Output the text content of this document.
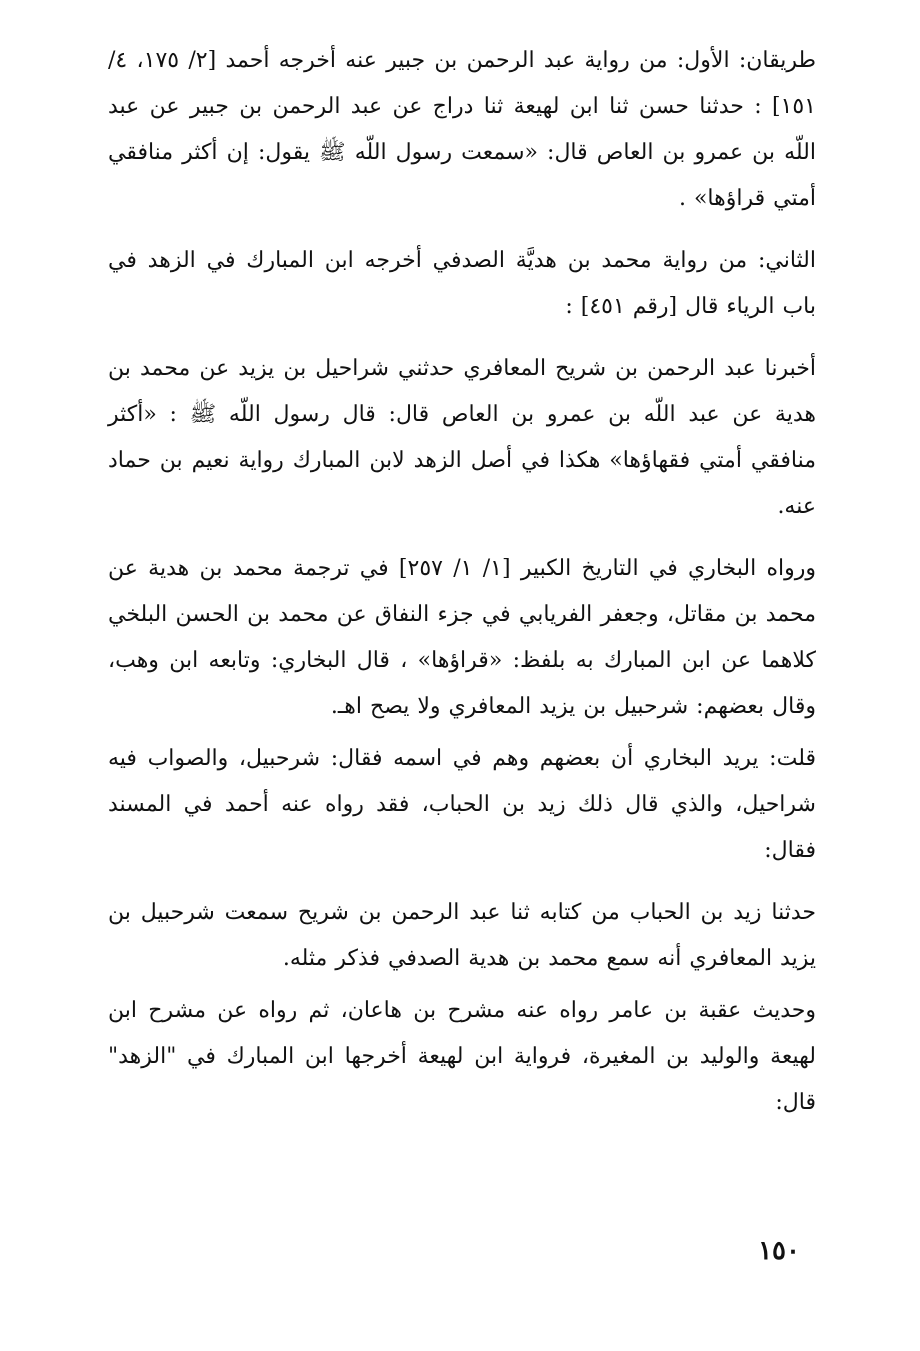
طريقان: الأول: من رواية عبد الرحمن بن جبير عنه أخرجه أحمد [٢/ ١٧٥، ٤/ ١٥١] : حدثنا حسن ثنا ابن لهيعة ثنا دراج عن عبد الرحمن بن جبير عن عبد اللّه بن عمرو بن العاص قال: «سمعت رسول اللّه ﷺ يقول: إن أكثر منافقي أمتي قراؤها» .

الثاني: من رواية محمد بن هديَّة الصدفي أخرجه ابن المبارك في الزهد في باب الرياء قال [رقم ٤٥١] :

أخبرنا عبد الرحمن بن شريح المعافري حدثني شراحيل بن يزيد عن محمد بن هدية عن عبد اللّه بن عمرو بن العاص قال: قال رسول اللّه ﷺ : «أكثر منافقي أمتي فقهاؤها» هكذا في أصل الزهد لابن المبارك رواية نعيم بن حماد عنه.

ورواه البخاري في التاريخ الكبير [١/ ١/ ٢٥٧] في ترجمة محمد بن هدية عن محمد بن مقاتل، وجعفر الفريابي في جزء النفاق عن محمد بن الحسن البلخي كلاهما عن ابن المبارك به بلفظ: «قراؤها» ، قال البخاري: وتابعه ابن وهب، وقال بعضهم: شرحبيل بن يزيد المعافري ولا يصح اهـ.

قلت: يريد البخاري أن بعضهم وهم في اسمه فقال: شرحبيل، والصواب فيه شراحيل، والذي قال ذلك زيد بن الحباب، فقد رواه عنه أحمد في المسند فقال:

حدثنا زيد بن الحباب من كتابه ثنا عبد الرحمن بن شريح سمعت شرحبيل بن يزيد المعافري أنه سمع محمد بن هدية الصدفي فذكر مثله.

وحديث عقبة بن عامر رواه عنه مشرح بن هاعان، ثم رواه عن مشرح ابن لهيعة والوليد بن المغيرة، فرواية ابن لهيعة أخرجها ابن المبارك في "الزهد" قال:

١٥٠
